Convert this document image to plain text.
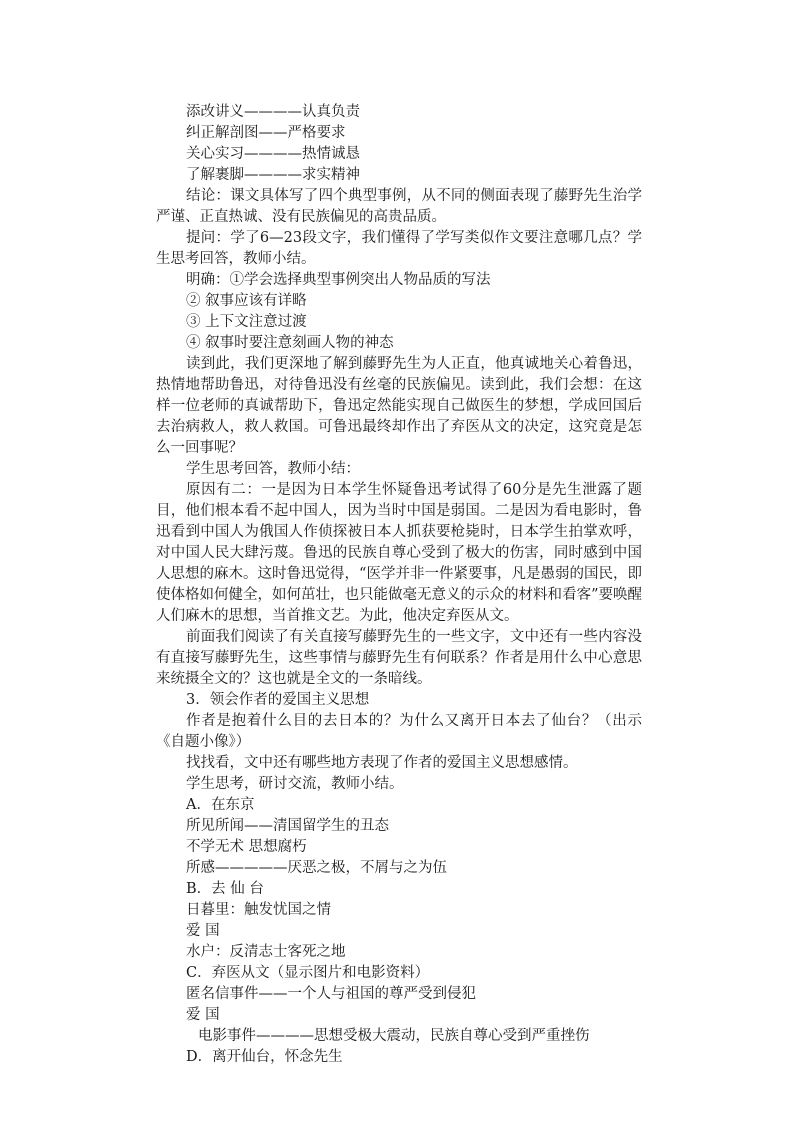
添改讲义————认真负责

纠正解剖图——严格要求

关心实习————热情诚恳

了解裹脚————求实精神

结论：课文具体写了四个典型事例，从不同的侧面表现了藤野先生治学严谨、正直热诚、没有民族偏见的高贵品质。

提问：学了6—23段文字，我们懂得了学写类似作文要注意哪几点？学生思考回答，教师小结。

明确：①学会选择典型事例突出人物品质的写法

② 叙事应该有详略

③ 上下文注意过渡

④ 叙事时要注意刻画人物的神态

读到此，我们更深地了解到藤野先生为人正直，他真诚地关心着鲁迅，热情地帮助鲁迅，对待鲁迅没有丝毫的民族偏见。读到此，我们会想：在这样一位老师的真诚帮助下，鲁迅定然能实现自己做医生的梦想，学成回国后去治病救人，救人救国。可鲁迅最终却作出了弃医从文的决定，这究竟是怎么一回事呢？

学生思考回答，教师小结：

原因有二：一是因为日本学生怀疑鲁迅考试得了60分是先生泄露了题目，他们根本看不起中国人，因为当时中国是弱国。二是因为看电影时，鲁迅看到中国人为俄国人作侦探被日本人抓获要枪毙时，日本学生拍掌欢呼，对中国人民大肆污蔑。鲁迅的民族自尊心受到了极大的伤害，同时感到中国人思想的麻木。这时鲁迅觉得，“医学并非一件紧要事，凡是愚弱的国民，即使体格如何健全，如何茁壮，也只能做毫无意义的示众的材料和看客”要唤醒人们麻木的思想，当首推文艺。为此，他决定弃医从文。

前面我们阅读了有关直接写藤野先生的一些文字，文中还有一些内容没有直接写藤野先生，这些事情与藤野先生有何联系？作者是用什么中心意思来统摄全文的？这也就是全文的一条暗线。

3．领会作者的爱国主义思想

作者是抱着什么目的去日本的？为什么又离开日本去了仙台？（出示《自题小像》）

找找看，文中还有哪些地方表现了作者的爱国主义思想感情。

学生思考，研讨交流，教师小结。

A．在东京

所见所闻——清国留学生的丑态

不学无术 思想腐朽

所感—————厌恶之极，不屑与之为伍

B．去 仙 台

日暮里：触发忧国之情

爱 国

水户：反清志士客死之地

C．弃医从文（显示图片和电影资料）

匿名信事件——一个人与祖国的尊严受到侵犯

爱 国

电影事件————思想受极大震动，民族自尊心受到严重挫伤

D．离开仙台，怀念先生
